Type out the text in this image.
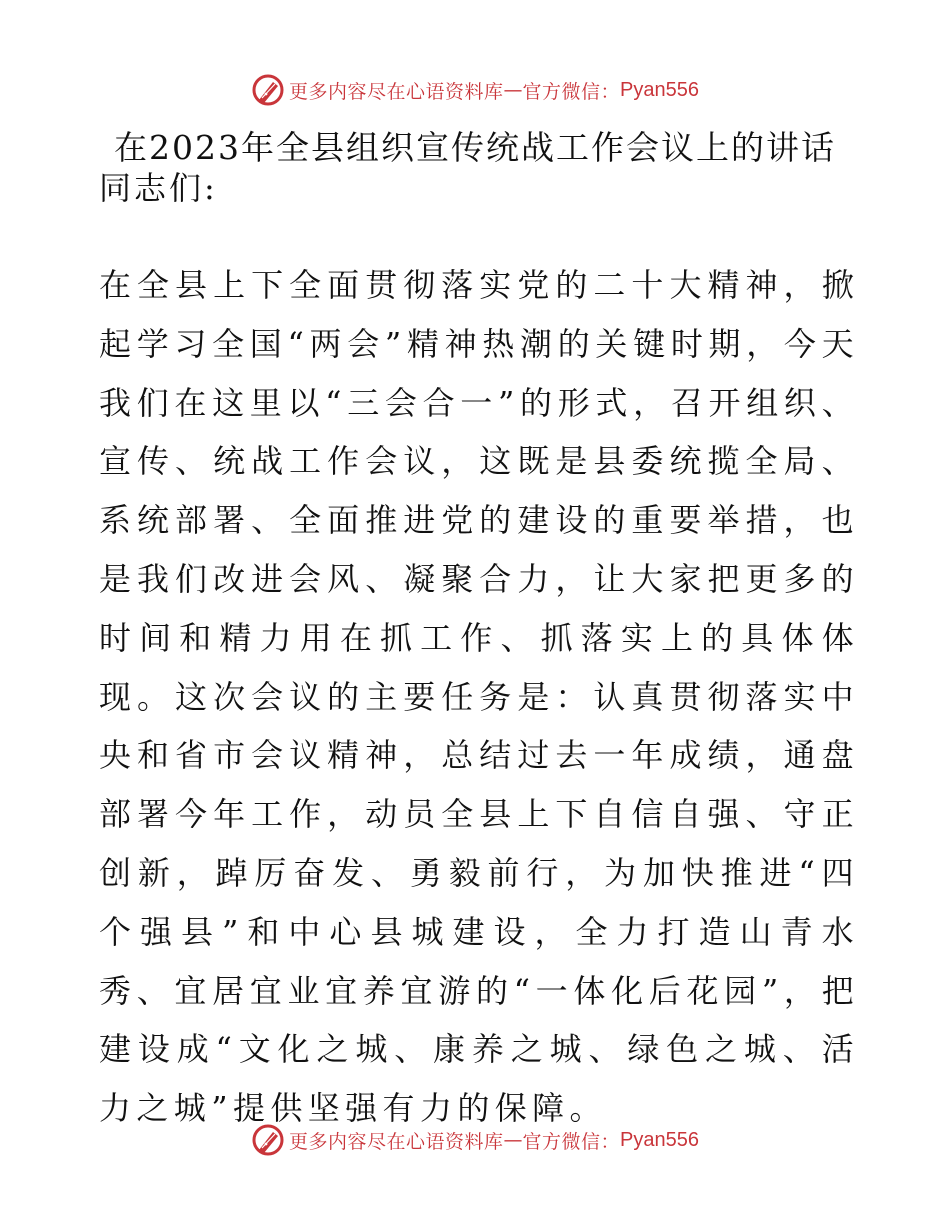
更多内容尽在心语资料库 — 官方微信： Pyan556
在2023年全县组织宣传统战工作会议上的讲话
同志们:
在全县上下全面贯彻落实党的二十大精神，掀起学习全国“两会”精神热潮的关键时期，今天我们在这里以“三会合一”的形式，召开组织、宣传、统战工作会议，这既是县委统揽全局、系统部署、全面推进党的建设的重要举措，也是我们改进会风、凝聚合力，让大家把更多的时间和精力用在抓工作、抓落实上的具体体现。这次会议的主要任务是：认真贯彻落实中央和省市会议精神，总结过去一年成绩，通盘部署今年工作，动员全县上下自信自强、守正创新，踔厉奋发、勇毅前行，为加快推进“四个强县”和中心县城建设，全力打造山青水秀、宜居宜业宜养宜游的“一体化后花园”，把建设成“文化之城、康养之城、绿色之城、活力之城”提供坚强有力的保障。
更多内容尽在心语资料库 — 官方微信： Pyan556
